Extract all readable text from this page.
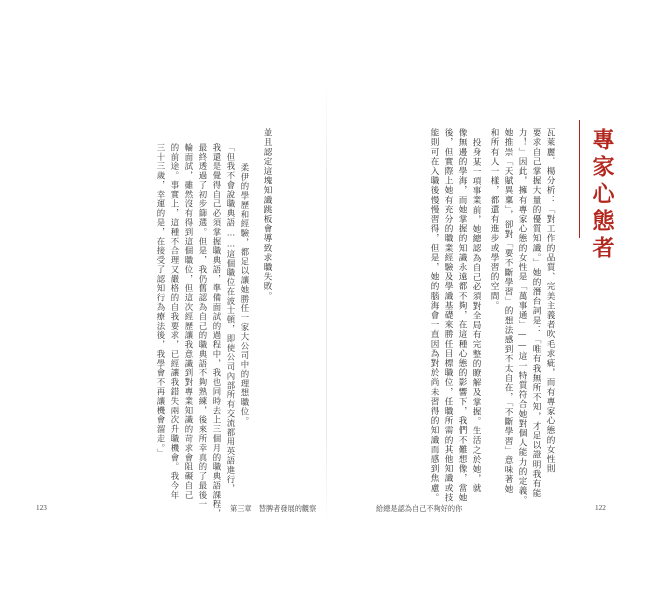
並且認定這塊知識跳板會導致求職失敗。
柔伊的學歷和經驗，都足以讓她勝任一家大公司中的理想職位。
「但我不會說職典語……這個職位在波士頓，即使公司內部所有交流都用英語進行，
我還是覺得自己必須掌握職典語，準備面試的過程中，我也同時去上三個月的職典語課程，
最終透過了初步篩選。但是，我仍舊認為自己的職典語不夠熟練，後來所幸真的了最後一
輪面試，雖然沒有得到這個職位，但這次經歷讓我意識到對專業知識的苛求會阻礙自己
的前途。事實上，這種不合理又嚴格的自我要求，已經讓我錯失兩次升職機會。我今年
三十三歲，幸運的是，在接受了認知行為療法後，我學會不再讓機會溜走。」
123	第三章　替脾者發展的觀察
專家心態者
瓦萊麗．楊分析：「對工作的品質、完美主義者吹毛求疵，而有專家心態的女性則
要求自己掌握大量的優質知識。」她的潛台詞是：「唯有我無所不知，才足以證明我有能
力！」因此，擁有專家心態的女性是「萬事通」——這一特質符合她對個人能力的定義。
她推崇「天賦異稟」，卻對「要不斷學習」的想法感到不太自在，「不斷學習」意味著她
和所有人一樣，都還有進步或學習的空間。
投身某一項事業前，她總認為自己必須對全局有完整的瞭解及掌握。生活之於她，就
像無邊的學海，而她掌握的知識永遠都不夠，在這種心態的影響下，我們不難想像，當她
後，但實際上她有充分的職業經驗及學識基礎來勝任目標職位，任職所需的其他知識或技
能則可在入職後慢慢習得，但是，她的腦海會一直因為對於尚未習得的知識而感到焦慮。
給總是認為自己不夠好的你	122
